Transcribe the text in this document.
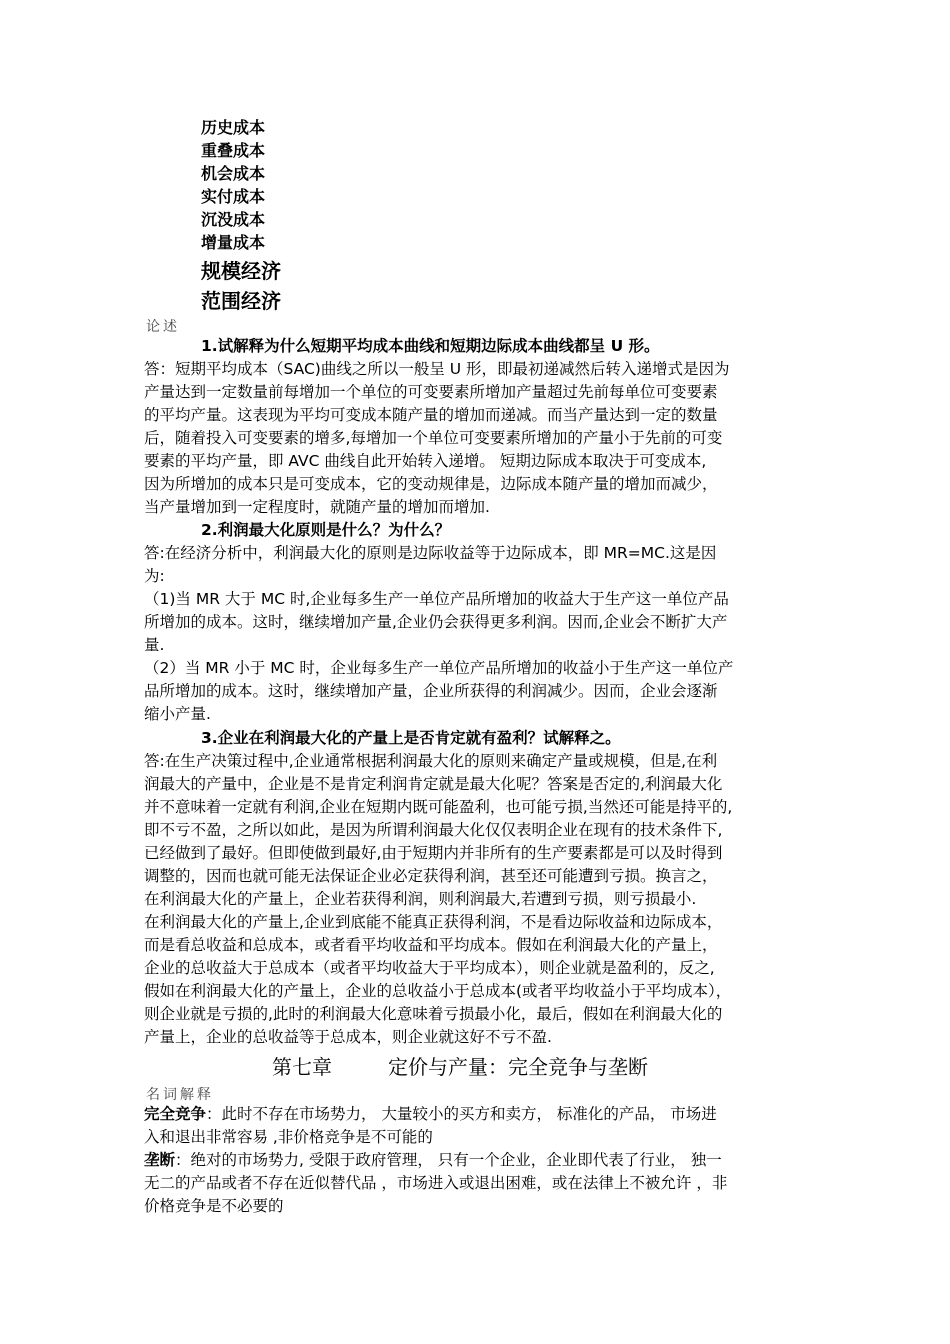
历史成本
重叠成本
机会成本
实付成本
沉没成本
增量成本
规模经济
范围经济
论述
1.试解释为什么短期平均成本曲线和短期边际成本曲线都呈 U 形。

答：短期平均成本（SAC)曲线之所以一般呈 U 形，即最初递减然后转入递增式是因为

产量达到一定数量前每增加一个单位的可变要素所增加产量超过先前每单位可变要素

的平均产量。这表现为平均可变成本随产量的增加而递减。而当产量达到一定的数量

后，随着投入可变要素的增多,每增加一个单位可变要素所增加的产量小于先前的可变

要素的平均产量，即 AVC 曲线自此开始转入递增。 短期边际成本取决于可变成本,

因为所增加的成本只是可变成本，它的变动规律是，边际成本随产量的增加而减少，

当产量增加到一定程度时，就随产量的增加而增加.

2.利润最大化原则是什么？为什么？

答:在经济分析中，利润最大化的原则是边际收益等于边际成本，即 MR=MC.这是因

为:

（1)当 MR 大于 MC 时,企业每多生产一单位产品所增加的收益大于生产这一单位产品

所增加的成本。这时，继续增加产量,企业仍会获得更多利润。因而,企业会不断扩大产

量.

（2）当 MR 小于 MC 时，企业每多生产一单位产品所增加的收益小于生产这一单位产

品所增加的成本。这时，继续增加产量，企业所获得的利润减少。因而，企业会逐渐

缩小产量.

3.企业在利润最大化的产量上是否肯定就有盈利？试解释之。

答:在生产决策过程中,企业通常根据利润最大化的原则来确定产量或规模，但是,在利

润最大的产量中，企业是不是肯定利润肯定就是最大化呢？答案是否定的,利润最大化

并不意味着一定就有利润,企业在短期内既可能盈利，也可能亏损,当然还可能是持平的,

即不亏不盈，之所以如此，是因为所谓利润最大化仅仅表明企业在现有的技术条件下,

已经做到了最好。但即使做到最好,由于短期内并非所有的生产要素都是可以及时得到

调整的，因而也就可能无法保证企业必定获得利润，甚至还可能遭到亏损。换言之，

在利润最大化的产量上，企业若获得利润，则利润最大,若遭到亏损，则亏损最小.

在利润最大化的产量上,企业到底能不能真正获得利润，不是看边际收益和边际成本，

而是看总收益和总成本，或者看平均收益和平均成本。假如在利润最大化的产量上，

企业的总收益大于总成本（或者平均收益大于平均成本），则企业就是盈利的，反之,

假如在利润最大化的产量上，企业的总收益小于总成本(或者平均收益小于平均成本），

则企业就是亏损的,此时的利润最大化意味着亏损最小化，最后，假如在利润最大化的

产量上，企业的总收益等于总成本，则企业就这好不亏不盈.

第七章	定价与产量：完全竞争与垄断
名词解释

完全竞争：此时不存在市场势力， 大量较小的买方和卖方， 标准化的产品， 市场进

入和退出非常容易 ,非价格竞争是不可能的

垄断：绝对的市场势力, 受限于政府管理， 只有一个企业，企业即代表了行业， 独一

无二的产品或者不存在近似替代品 ，市场进入或退出困难，或在法律上不被允许 ，非

价格竞争是不必要的
